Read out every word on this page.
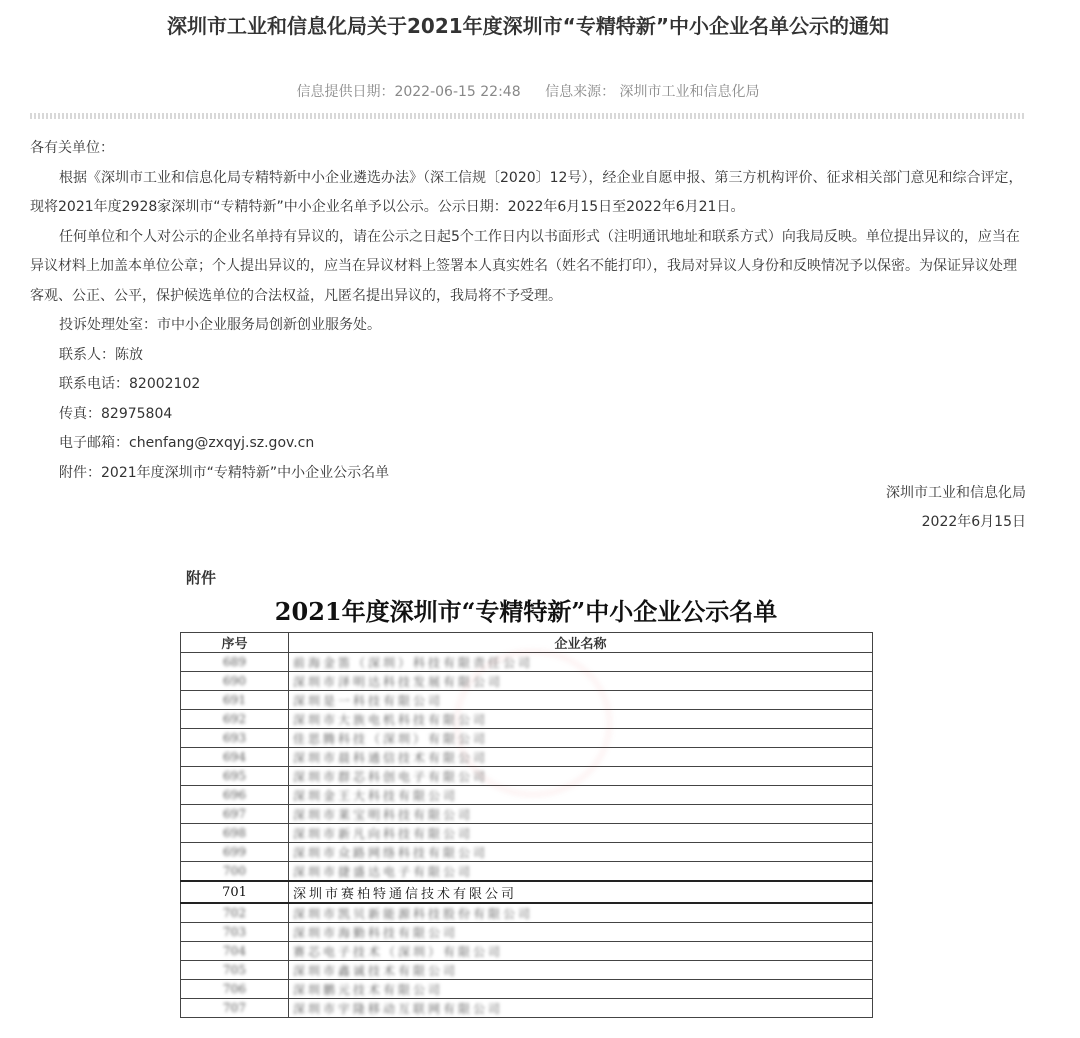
深圳市工业和信息化局关于2021年度深圳市“专精特新”中小企业名单公示的通知
信息提供日期：2022-06-15 22:48 信息来源： 深圳市工业和信息化局

各有关单位：

根据《深圳市工业和信息化局专精特新中小企业遴选办法》（深工信规〔2020〕12号），经企业自愿申报、第三方机构评价、征求相关部门意见和综合评定，现将2021年度2928家深圳市“专精特新”中小企业名单予以公示。公示日期：2022年6月15日至2022年6月21日。

任何单位和个人对公示的企业名单持有异议的，请在公示之日起5个工作日内以书面形式（注明通讯地址和联系方式）向我局反映。单位提出异议的，应当在异议材料上加盖本单位公章；个人提出异议的，应当在异议材料上签署本人真实姓名（姓名不能打印），我局对异议人身份和反映情况予以保密。为保证异议处理客观、公正、公平，保护候选单位的合法权益，凡匿名提出异议的，我局将不予受理。

投诉处理处室：市中小企业服务局创新创业服务处。

联系人：陈放

联系电话：82002102

传真：82975804

电子邮箱：chenfang@zxqyj.sz.gov.cn

附件：2021年度深圳市“专精特新”中小企业公示名单

深圳市工业和信息化局
2022年6月15日
附件
2021年度深圳市“专精特新”中小企业公示名单
序号	企业名称
689	前海金笛（深圳）科技有限责任公司
690	深圳市泽明达科技发展有限公司
691	深圳是一科技有限公司
692	深圳市大族电机科技有限公司
693	佳思腾科技（深圳）有限公司
694	深圳市晨科通信技术有限公司
695	深圳市群芯科创电子有限公司
696	深圳金王大科技有限公司
697	深圳市莱宝明科技有限公司
698	深圳市新凡向科技有限公司
699	深圳市众路网络科技有限公司
700	深圳市捷盛达电子有限公司
701	深圳市赛柏特通信技术有限公司
702	深圳市凯贝新能源科技股份有限公司
703	深圳市海勤科技有限公司
704	赛芯电子技术（深圳）有限公司
705	深圳市鑫诚技术有限公司
706	深圳鹏元技术有限公司
707	深圳市宇隆移动互联网有限公司
